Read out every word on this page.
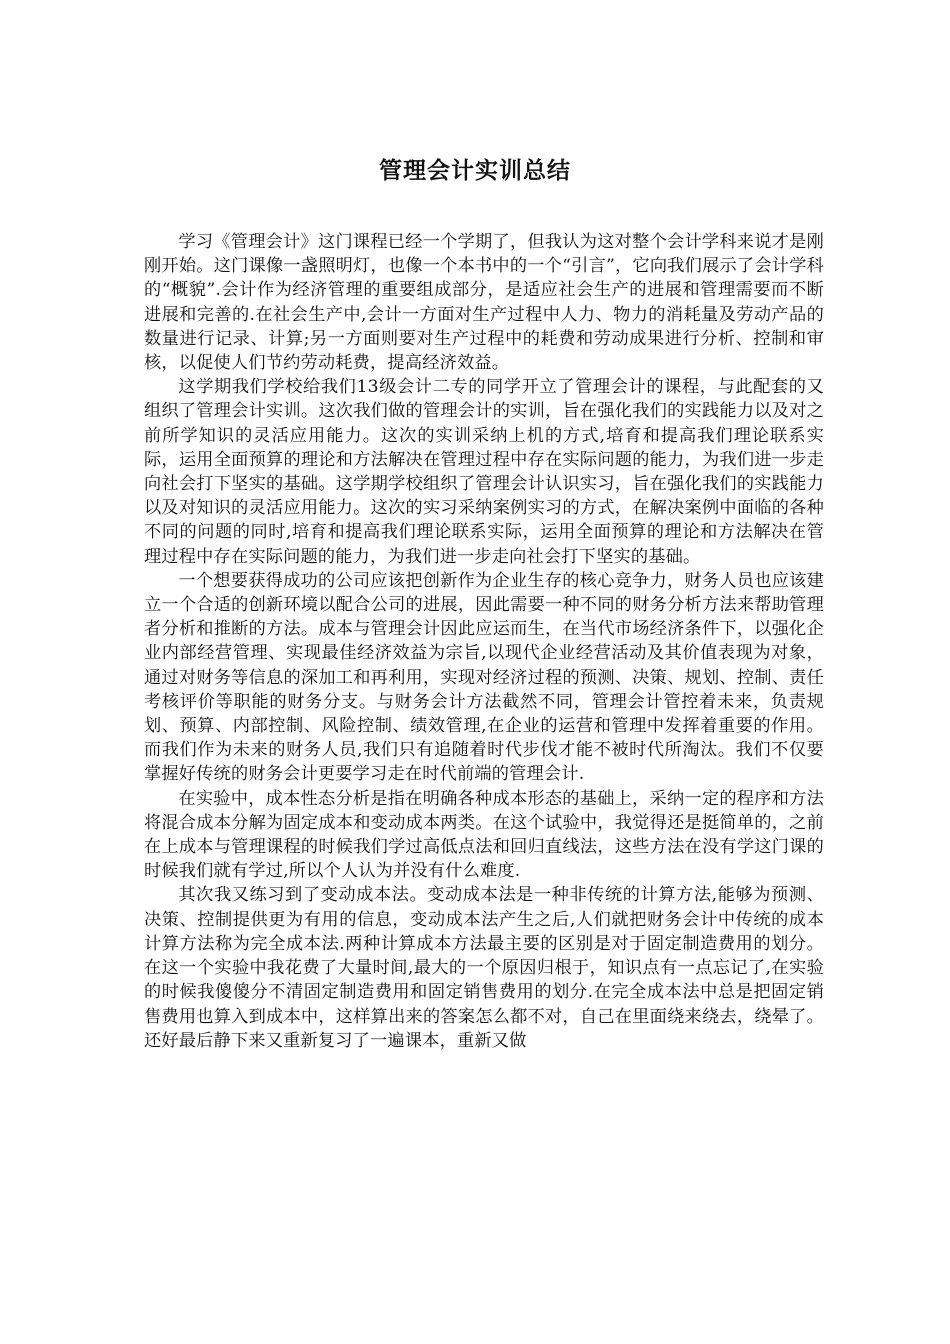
管理会计实训总结

学习《管理会计》这门课程已经一个学期了，但我认为这对整个会计学科来说才是刚刚开始。这门课像一盏照明灯，也像一个本书中的一个“引言”，它向我们展示了会计学科的“概貌”.会计作为经济管理的重要组成部分，是适应社会生产的进展和管理需要而不断进展和完善的.在社会生产中,会计一方面对生产过程中人力、物力的消耗量及劳动产品的数量进行记录、计算;另一方面则要对生产过程中的耗费和劳动成果进行分析、控制和审核，以促使人们节约劳动耗费，提高经济效益。

这学期我们学校给我们13级会计二专的同学开立了管理会计的课程，与此配套的又组织了管理会计实训。这次我们做的管理会计的实训，旨在强化我们的实践能力以及对之前所学知识的灵活应用能力。这次的实训采纳上机的方式,培育和提高我们理论联系实际，运用全面预算的理论和方法解决在管理过程中存在实际问题的能力，为我们进一步走向社会打下坚实的基础。这学期学校组织了管理会计认识实习，旨在强化我们的实践能力以及对知识的灵活应用能力。这次的实习采纳案例实习的方式，在解决案例中面临的各种不同的问题的同时,培育和提高我们理论联系实际，运用全面预算的理论和方法解决在管理过程中存在实际问题的能力，为我们进一步走向社会打下坚实的基础。

一个想要获得成功的公司应该把创新作为企业生存的核心竞争力，财务人员也应该建立一个合适的创新环境以配合公司的进展，因此需要一种不同的财务分析方法来帮助管理者分析和推断的方法。成本与管理会计因此应运而生，在当代市场经济条件下，以强化企业内部经营管理、实现最佳经济效益为宗旨,以现代企业经营活动及其价值表现为对象，通过对财务等信息的深加工和再利用，实现对经济过程的预测、决策、规划、控制、责任考核评价等职能的财务分支。与财务会计方法截然不同，管理会计管控着未来，负责规划、预算、内部控制、风险控制、绩效管理,在企业的运营和管理中发挥着重要的作用。而我们作为未来的财务人员,我们只有追随着时代步伐才能不被时代所淘汰。我们不仅要掌握好传统的财务会计更要学习走在时代前端的管理会计.

在实验中，成本性态分析是指在明确各种成本形态的基础上，采纳一定的程序和方法将混合成本分解为固定成本和变动成本两类。在这个试验中，我觉得还是挺简单的，之前在上成本与管理课程的时候我们学过高低点法和回归直线法，这些方法在没有学这门课的时候我们就有学过,所以个人认为并没有什么难度.

其次我又练习到了变动成本法。变动成本法是一种非传统的计算方法,能够为预测、决策、控制提供更为有用的信息，变动成本法产生之后,人们就把财务会计中传统的成本计算方法称为完全成本法.两种计算成本方法最主要的区别是对于固定制造费用的划分。在这一个实验中我花费了大量时间,最大的一个原因归根于，知识点有一点忘记了,在实验的时候我傻傻分不清固定制造费用和固定销售费用的划分.在完全成本法中总是把固定销售费用也算入到成本中，这样算出来的答案怎么都不对，自己在里面绕来绕去，绕晕了。还好最后静下来又重新复习了一遍课本，重新又做
